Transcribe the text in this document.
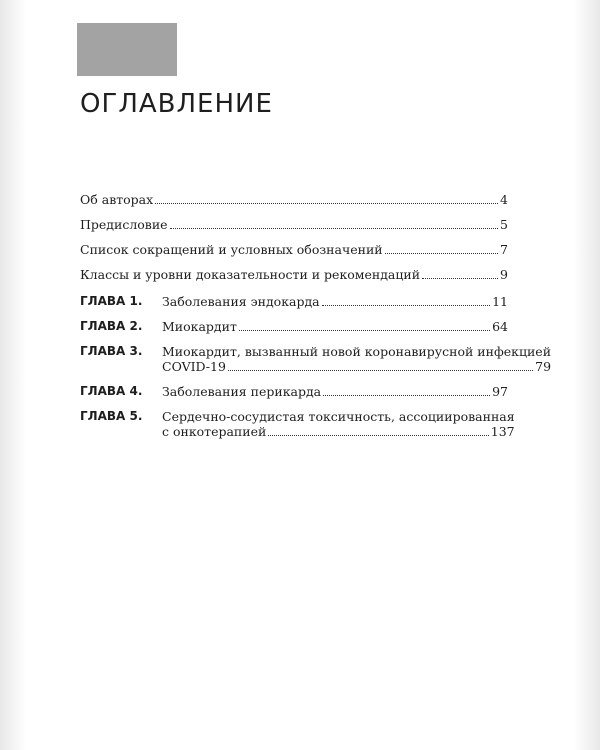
ОГЛАВЛЕНИЕ
Об авторах	4
Предисловие	5
Список сокращений и условных обозначений	7
Классы и уровни доказательности и рекомендаций	9
ГЛАВА 1.	Заболевания эндокарда	11
ГЛАВА 2.	Миокардит	64
ГЛАВА 3.	Миокардит, вызванный новой коронавирусной инфекцией
COVID-19	79
ГЛАВА 4.	Заболевания перикарда	97
ГЛАВА 5.	Сердечно-сосудистая токсичность, ассоциированная
с онкотерапией	137
